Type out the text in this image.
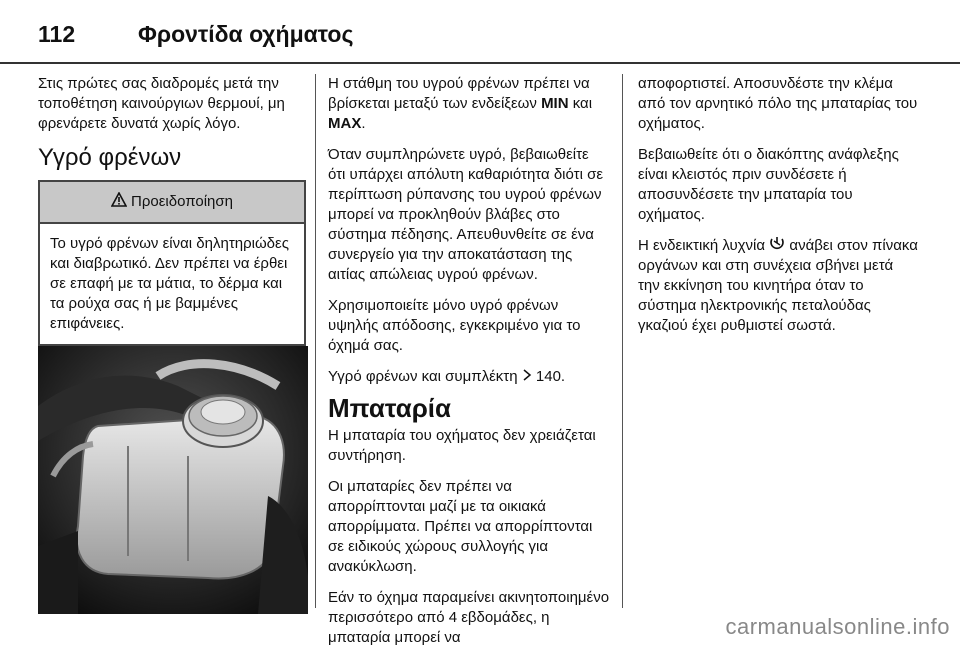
112	Φροντίδα οχήματος

Στις πρώτες σας διαδρομές μετά την τοποθέτηση καινούργιων θερμουί, μη φρενάρετε δυνατά χωρίς λόγο.

Υγρό φρένων
Προειδοποίηση
Το υγρό φρένων είναι δηλητηριώδες και διαβρωτικό. Δεν πρέπει να έρθει σε επαφή με τα μάτια, το δέρμα και τα ρούχα σας ή με βαμμένες επιφάνειες.

Η στάθμη του υγρού φρένων πρέπει να βρίσκεται μεταξύ των ενδείξεων MIN και MAX.

Όταν συμπληρώνετε υγρό, βεβαιωθείτε ότι υπάρχει απόλυτη καθαριότητα διότι σε περίπτωση ρύπανσης του υγρού φρένων μπορεί να προκληθούν βλάβες στο σύστημα πέδησης. Απευθυνθείτε σε ένα συνεργείο για την αποκατάσταση της αιτίας απώλειας υγρού φρένων.

Χρησιμοποιείτε μόνο υγρό φρένων υψηλής απόδοσης, εγκεκριμένο για το όχημά σας.

Υγρό φρένων και συμπλέκτη 140.

Μπαταρία

Η μπαταρία του οχήματος δεν χρειάζεται συντήρηση.

Οι μπαταρίες δεν πρέπει να απορρίπτονται μαζί με τα οικιακά απορρίμματα. Πρέπει να απορρίπτονται σε ειδικούς χώρους συλλογής για ανακύκλωση.

Εάν το όχημα παραμείνει ακινητοποιημένο περισσότερο από 4 εβδομάδες, η μπαταρία μπορεί να

αποφορτιστεί. Αποσυνδέστε την κλέμα από τον αρνητικό πόλο της μπαταρίας του οχήματος.

Βεβαιωθείτε ότι ο διακόπτης ανάφλεξης είναι κλειστός πριν συνδέσετε ή αποσυνδέσετε την μπαταρία του οχήματος.

Η ενδεικτική λυχνία ανάβει στον πίνακα οργάνων και στη συνέχεια σβήνει μετά την εκκίνηση του κινητήρα όταν το σύστημα ηλεκτρονικής πεταλούδας γκαζιού έχει ρυθμιστεί σωστά.

carmanualsonline.info
